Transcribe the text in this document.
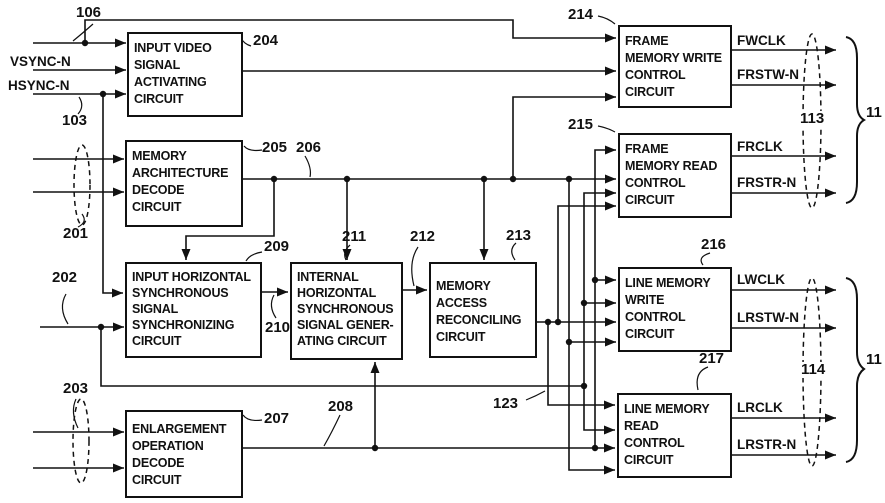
INPUT VIDEO
SIGNAL
ACTIVATING
CIRCUIT
MEMORY
ARCHITECTURE
DECODE
CIRCUIT
INPUT HORIZONTAL
SYNCHRONOUS
SIGNAL
SYNCHRONIZING
CIRCUIT
INTERNAL
HORIZONTAL
SYNCHRONOUS
SIGNAL GENER-
ATING CIRCUIT
MEMORY
ACCESS
RECONCILING
CIRCUIT
FRAME
MEMORY WRITE
CONTROL
CIRCUIT
FRAME
MEMORY READ
CONTROL
CIRCUIT
LINE MEMORY
WRITE
CONTROL
CIRCUIT
LINE MEMORY
READ
CONTROL
CIRCUIT
ENLARGEMENT
OPERATION
DECODE
CIRCUIT
VSYNC-N
HSYNC-N
FWCLK
FRSTW-N
FRCLK
FRSTR-N
LWCLK
LRSTW-N
LRCLK
LRSTR-N
106
103
201
202
203
204
205 206
207
208
209
210
211	212	213
214
215
216
217
113
114
123
11
11
